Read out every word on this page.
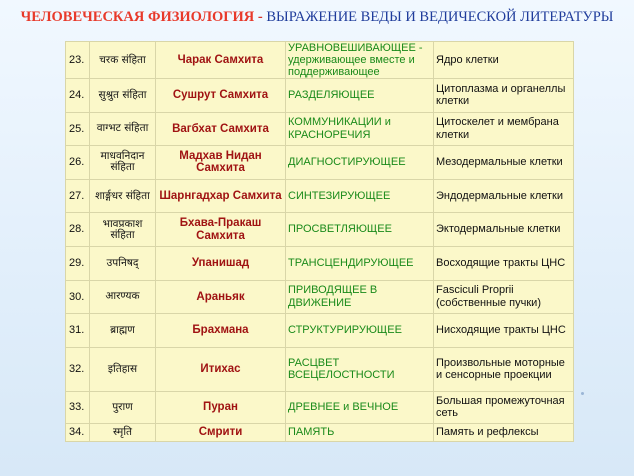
ЧЕЛОВЕЧЕСКАЯ ФИЗИОЛОГИЯ - ВЫРАЖЕНИЕ ВЕДЫ И ВЕДИЧЕСКОЙ ЛИТЕРАТУРЫ
23.	चरक संहिता	Чарак Самхита	УРАВНОВЕШИВАЮЩЕЕ - удерживающее вместе и поддерживающее	Ядро клетки
24.	सुश्रुत संहिता	Сушрут Самхита	РАЗДЕЛЯЮЩЕЕ	Цитоплазма и органеллы клетки
25.	वाग्भट संहिता	Вагбхат Самхита	КОММУНИКАЦИИ и КРАСНОРЕЧИЯ	Цитоскелет и мембрана клетки
26.	माधवनिदान संहिता	Мадхав Нидан Самхита	ДИАГНОСТИРУЮЩЕЕ	Мезодермальные клетки
27.	शार्ङ्गधर संहिता	Шарнгадхар Самхита	СИНТЕЗИРУЮЩЕЕ	Эндодермальные клетки
28.	भावप्रकाश संहिता	Бхава-Пракаш Самхита	ПРОСВЕТЛЯЮЩЕЕ	Эктодермальные клетки
29.	उपनिषद्	Упанишад	ТРАНСЦЕНДИРУЮЩЕЕ	Восходящие тракты ЦНС
30.	आरण्यक	Араньяк	ПРИВОДЯЩЕЕ В ДВИЖЕНИЕ	Fasciculi Proprii (собственные пучки)
31.	ब्राह्मण	Брахмана	СТРУКТУРИРУЮЩЕЕ	Нисходящие тракты ЦНС
32.	इतिहास	Итихас	РАСЦВЕТ ВСЕЦЕЛОСТНОСТИ	Произвольные моторные и сенсорные проекции
33.	पुराण	Пуран	ДРЕВНЕЕ и ВЕЧНОЕ	Большая промежуточная сеть
34.	स्मृति	Смрити	ПАМЯТЬ	Память и рефлексы
